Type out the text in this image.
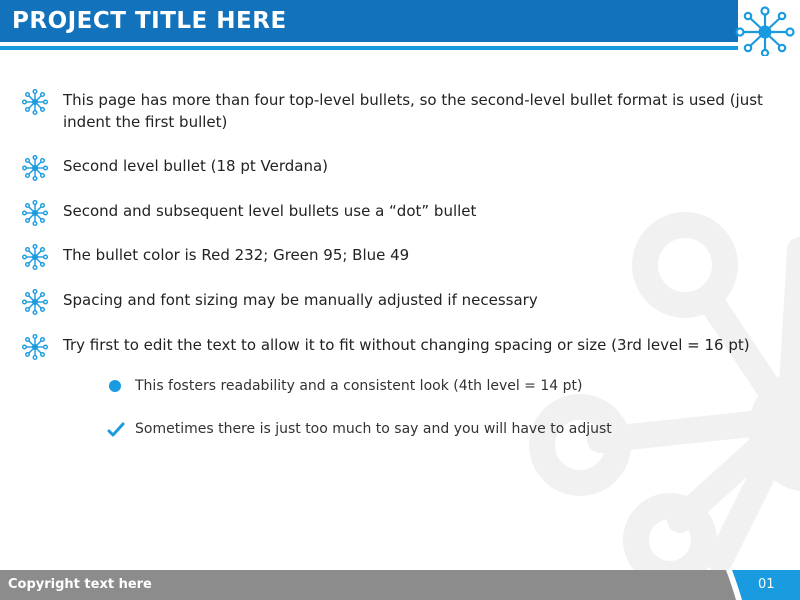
PROJECT TITLE HERE
This page has more than four top-level bullets, so the second-level bullet format is used (just indent the first bullet)
Second level bullet (18 pt Verdana)
Second and subsequent level bullets use a “dot” bullet
The bullet color is Red 232; Green 95; Blue 49
Spacing and font sizing may be manually adjusted if necessary
Try first to edit the text to allow it to fit without changing spacing or size (3rd level = 16 pt)
This fosters readability and a consistent look (4th level = 14 pt)
Sometimes there is just too much to say and you will have to adjust
Copyright text here	01
